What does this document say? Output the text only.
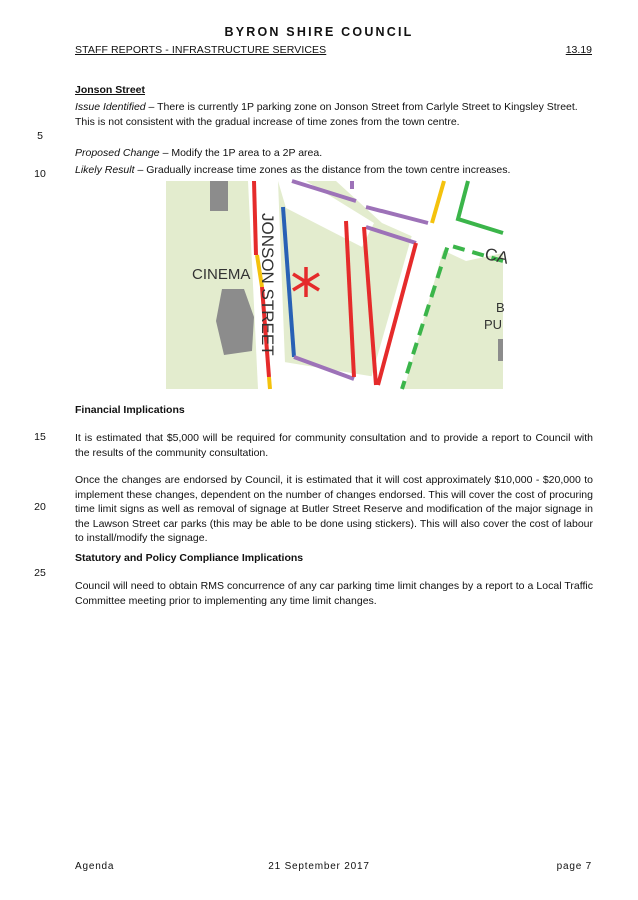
BYRON SHIRE COUNCIL
STAFF REPORTS - INFRASTRUCTURE SERVICES	13.19
Jonson Street
Issue Identified – There is currently 1P parking zone on Jonson Street from Carlyle Street to Kingsley Street. This is not consistent with the gradual increase of time zones from the town centre.
Proposed Change – Modify the 1P area to a 2P area.
Likely Result – Gradually increase time zones as the distance from the town centre increases.
CINEMA JONSON STREET	CA
B
PU
Financial Implications
It is estimated that $5,000 will be required for community consultation and to provide a report to Council with the results of the community consultation.
Once the changes are endorsed by Council, it is estimated that it will cost approximately $10,000 - $20,000 to implement these changes, dependent on the number of changes endorsed. This will cover the cost of procuring time limit signs as well as removal of signage at Butler Street Reserve and modification of the major signage in the Lawson Street car parks (this may be able to be done using stickers). This will also cover the cost of labour to install/modify the signage.
Statutory and Policy Compliance Implications
Council will need to obtain RMS concurrence of any car parking time limit changes by a report to a Local Traffic Committee meeting prior to implementing any time limit changes.
5
10
15
20
25
Agenda	21 September 2017	page 7
